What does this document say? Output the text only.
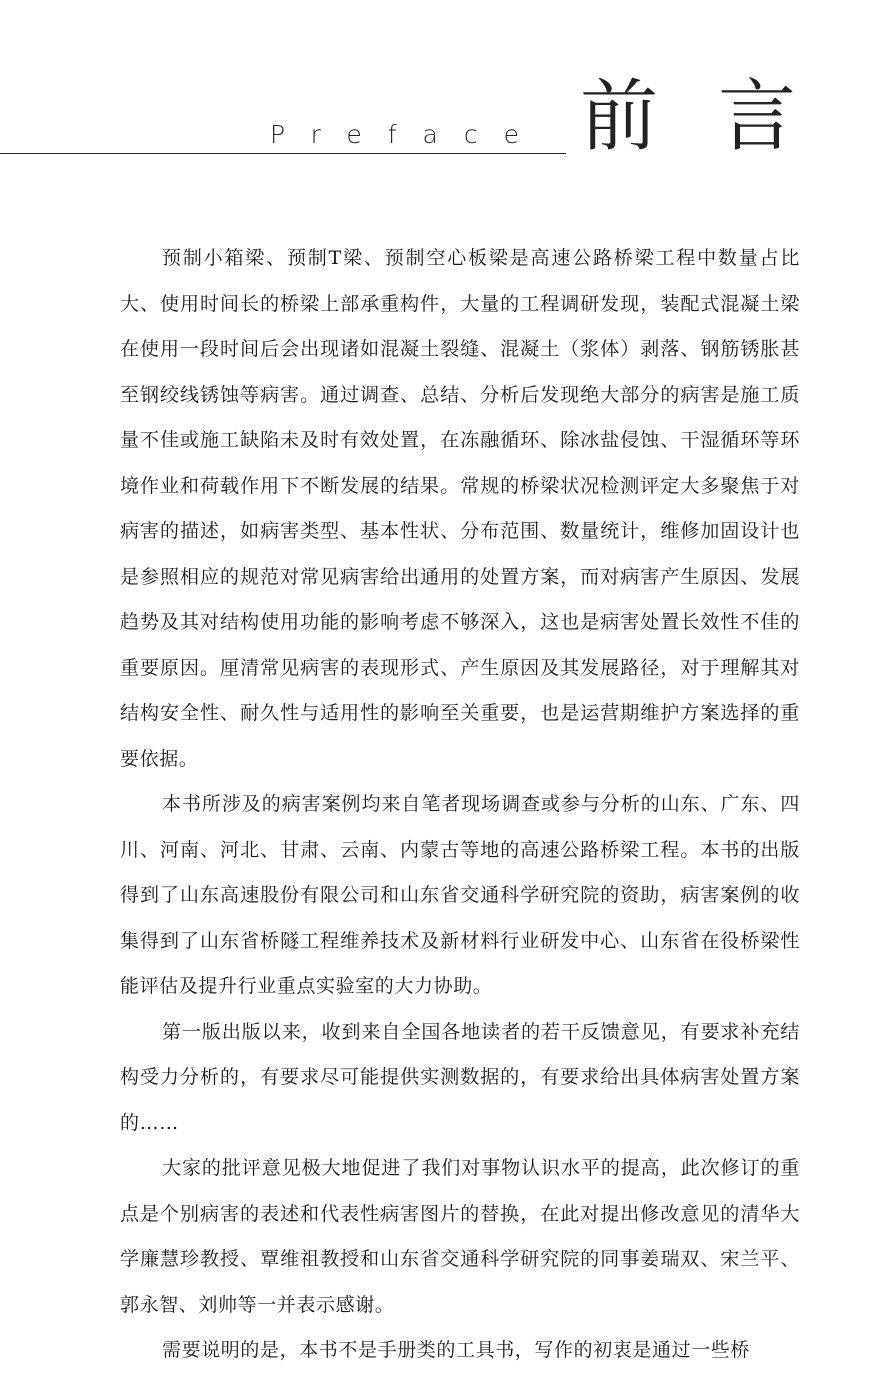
Preface 前言

预制小箱梁、预制T梁、预制空心板梁是高速公路桥梁工程中数量占比大、使用时间长的桥梁上部承重构件，大量的工程调研发现，装配式混凝土梁在使用一段时间后会出现诸如混凝土裂缝、混凝土（浆体）剥落、钢筋锈胀甚至钢绞线锈蚀等病害。通过调查、总结、分析后发现绝大部分的病害是施工质量不佳或施工缺陷未及时有效处置，在冻融循环、除冰盐侵蚀、干湿循环等环境作业和荷载作用下不断发展的结果。常规的桥梁状况检测评定大多聚焦于对病害的描述，如病害类型、基本性状、分布范围、数量统计，维修加固设计也是参照相应的规范对常见病害给出通用的处置方案，而对病害产生原因、发展趋势及其对结构使用功能的影响考虑不够深入，这也是病害处置长效性不佳的重要原因。厘清常见病害的表现形式、产生原因及其发展路径，对于理解其对结构安全性、耐久性与适用性的影响至关重要，也是运营期维护方案选择的重要依据。

本书所涉及的病害案例均来自笔者现场调查或参与分析的山东、广东、四川、河南、河北、甘肃、云南、内蒙古等地的高速公路桥梁工程。本书的出版得到了山东高速股份有限公司和山东省交通科学研究院的资助，病害案例的收集得到了山东省桥隧工程维养技术及新材料行业研发中心、山东省在役桥梁性能评估及提升行业重点实验室的大力协助。

第一版出版以来，收到来自全国各地读者的若干反馈意见，有要求补充结构受力分析的，有要求尽可能提供实测数据的，有要求给出具体病害处置方案的……

大家的批评意见极大地促进了我们对事物认识水平的提高，此次修订的重点是个别病害的表述和代表性病害图片的替换，在此对提出修改意见的清华大学廉慧珍教授、覃维祖教授和山东省交通科学研究院的同事姜瑞双、宋兰平、郭永智、刘帅等一并表示感谢。

需要说明的是，本书不是手册类的工具书，写作的初衷是通过一些桥
